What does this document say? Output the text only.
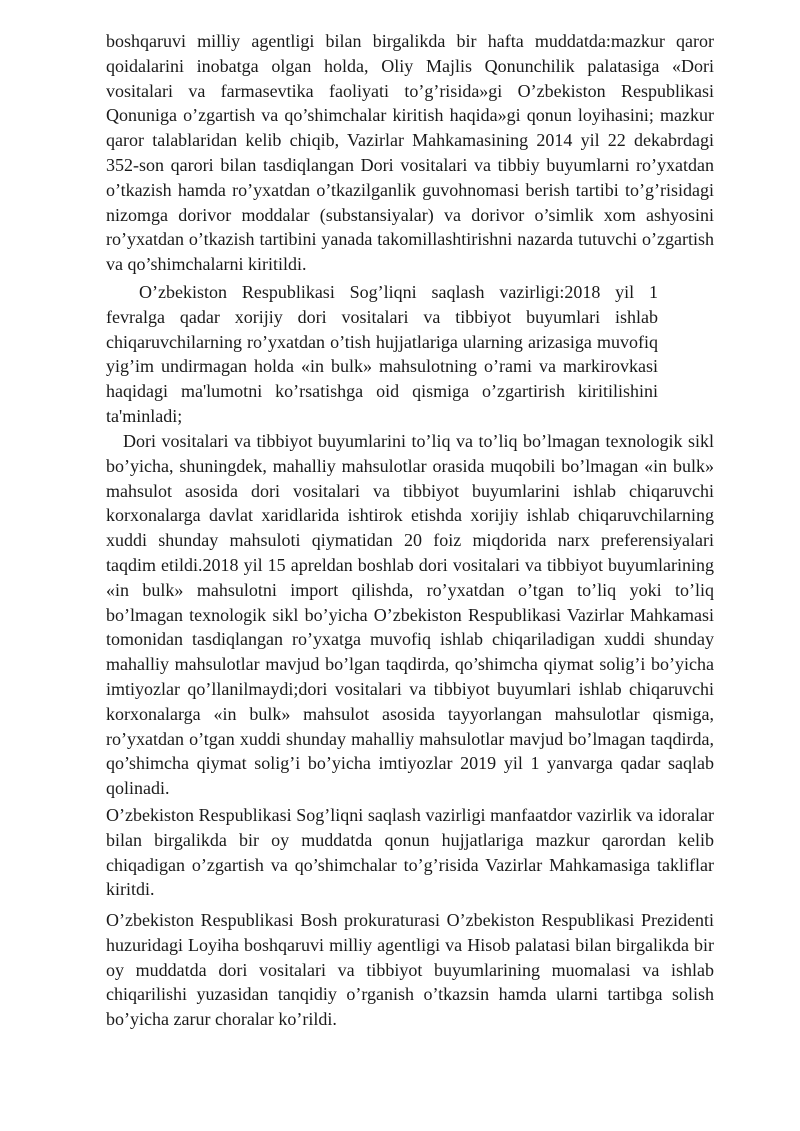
boshqaruvi milliy agentligi bilan birgalikda bir hafta muddatda:mazkur qaror qoidalarini inobatga olgan holda, Oliy Majlis Qonunchilik palatasiga «Dori vositalari va farmasevtika faoliyati to’g’risida»gi O’zbekiston Respublikasi Qonuniga o’zgartish va qo’shimchalar kiritish haqida»gi qonun loyihasini; mazkur qaror talablaridan kelib chiqib, Vazirlar Mahkamasining 2014 yil 22 dekabrdagi 352-son qarori bilan tasdiqlangan Dori vositalari va tibbiy buyumlarni ro’yxatdan o’tkazish hamda ro’yxatdan o’tkazilganlik guvohnomasi berish tartibi to’g’risidagi nizomga dorivor moddalar (substansiyalar) va dorivor o’simlik xom ashyosini ro’yxatdan o’tkazish tartibini yanada takomillashtirishni nazarda tutuvchi o’zgartish va qo’shimchalarni kiritildi.

O’zbekiston Respublikasi Sog’liqni saqlash vazirligi:2018 yil 1 fevralga qadar xorijiy dori vositalari va tibbiyot buyumlari ishlab chiqaruvchilarning ro’yxatdan o’tish hujjatlariga ularning arizasiga muvofiq yig’im undirmagan holda «in bulk» mahsulotning o’rami va markirovkasi haqidagi ma'lumotni ko’rsatishga oid qismiga o’zgartirish kiritilishini ta'minladi;

Dori vositalari va tibbiyot buyumlarini to’liq va to’liq bo’lmagan texnologik sikl bo’yicha, shuningdek, mahalliy mahsulotlar orasida muqobili bo’lmagan «in bulk» mahsulot asosida dori vositalari va tibbiyot buyumlarini ishlab chiqaruvchi korxonalarga davlat xaridlarida ishtirok etishda xorijiy ishlab chiqaruvchilarning xuddi shunday mahsuloti qiymatidan 20 foiz miqdorida narx preferensiyalari taqdim etildi.2018 yil 15 apreldan boshlab dori vositalari va tibbiyot buyumlarining «in bulk» mahsulotni import qilishda, ro’yxatdan o’tgan to’liq yoki to’liq bo’lmagan texnologik sikl bo’yicha O’zbekiston Respublikasi Vazirlar Mahkamasi tomonidan tasdiqlangan ro’yxatga muvofiq ishlab chiqariladigan xuddi shunday mahalliy mahsulotlar mavjud bo’lgan taqdirda, qo’shimcha qiymat solig’i bo’yicha imtiyozlar qo’llanilmaydi;dori vositalari va tibbiyot buyumlari ishlab chiqaruvchi korxonalarga «in bulk» mahsulot asosida tayyorlangan mahsulotlar qismiga, ro’yxatdan o’tgan xuddi shunday mahalliy mahsulotlar mavjud bo’lmagan taqdirda, qo’shimcha qiymat solig’i bo’yicha imtiyozlar 2019 yil 1 yanvarga qadar saqlab qolinadi.

O’zbekiston Respublikasi Sog’liqni saqlash vazirligi manfaatdor vazirlik va idoralar bilan birgalikda bir oy muddatda qonun hujjatlariga mazkur qarordan kelib chiqadigan o’zgartish va qo’shimchalar to’g’risida Vazirlar Mahkamasiga takliflar kiritdi.

O’zbekiston Respublikasi Bosh prokuraturasi O’zbekiston Respublikasi Prezidenti huzuridagi Loyiha boshqaruvi milliy agentligi va Hisob palatasi bilan birgalikda bir oy muddatda dori vositalari va tibbiyot buyumlarining muomalasi va ishlab chiqarilishi yuzasidan tanqidiy o’rganish o’tkazsin hamda ularni tartibga solish bo’yicha zarur choralar ko’rildi.
